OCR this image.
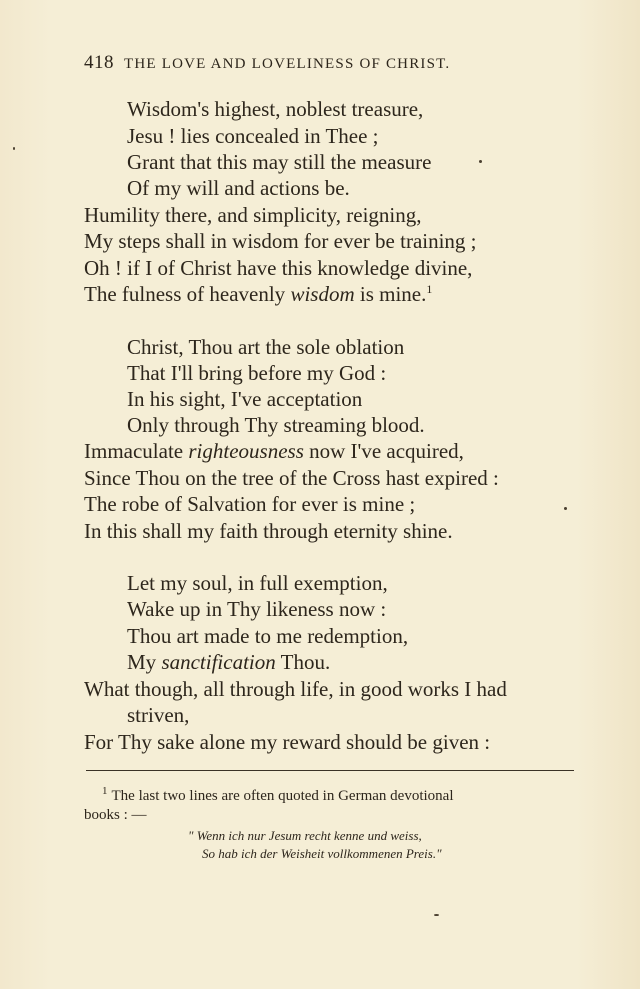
418 THE LOVE AND LOVELINESS OF CHRIST.
Wisdom's highest, noblest treasure,
Jesu ! lies concealed in Thee ;
Grant that this may still the measure
Of my will and actions be.
Humility there, and simplicity, reigning,
My steps shall in wisdom for ever be training ;
Oh ! if I of Christ have this knowledge divine,
The fulness of heavenly wisdom is mine.$^1$
Christ, Thou art the sole oblation
That I'll bring before my God :
In his sight, I've acceptation
Only through Thy streaming blood.
Immaculate righteousness now I've acquired,
Since Thou on the tree of the Cross hast expired :
The robe of Salvation for ever is mine ;
In this shall my faith through eternity shine.
Let my soul, in full exemption,
Wake up in Thy likeness now :
Thou art made to me redemption,
My sanctification Thou.
What though, all through life, in good works I had
striven,
For Thy sake alone my reward should be given :
$^1$ The last two lines are often quoted in German devotional
books : —
" Wenn ich nur Jesum recht kenne und weiss,
So hab ich der Weisheit vollkommenen Preis."
